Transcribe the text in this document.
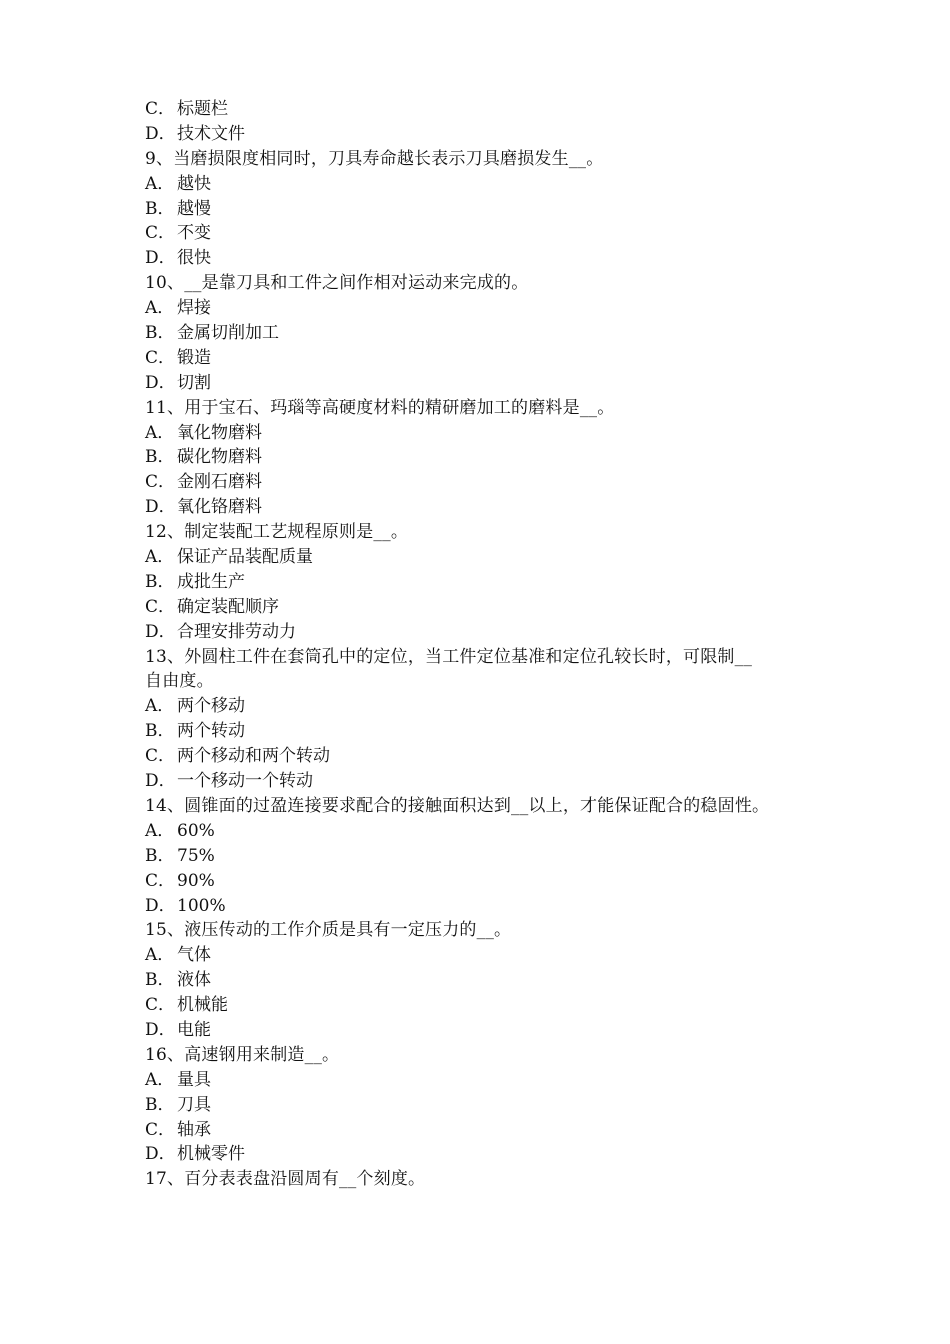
C． 标题栏
D．技术文件
9、当磨损限度相同时，刀具寿命越长表示刀具磨损发生__。
A． 越快
B． 越慢
C． 不变
D．很快
10、__是靠刀具和工件之间作相对运动来完成的。
A． 焊接
B． 金属切削加工
C． 锻造
D．切割
11、用于宝石、玛瑙等高硬度材料的精研磨加工的磨料是__。
A． 氧化物磨料
B． 碳化物磨料
C． 金刚石磨料
D．氧化铬磨料
12、制定装配工艺规程原则是__。
A． 保证产品装配质量
B． 成批生产
C． 确定装配顺序
D．合理安排劳动力
13、外圆柱工件在套筒孔中的定位，当工件定位基准和定位孔较长时，可限制__
自由度。
A． 两个移动
B． 两个转动
C． 两个移动和两个转动
D．一个移动一个转动
14、圆锥面的过盈连接要求配合的接触面积达到__以上，才能保证配合的稳固性。
A． 60%
B． 75%
C． 90%
D．100%
15、液压传动的工作介质是具有一定压力的__。
A． 气体
B． 液体
C． 机械能
D．电能
16、高速钢用来制造__。
A． 量具
B． 刀具
C． 轴承
D．机械零件
17、百分表表盘沿圆周有__个刻度。
